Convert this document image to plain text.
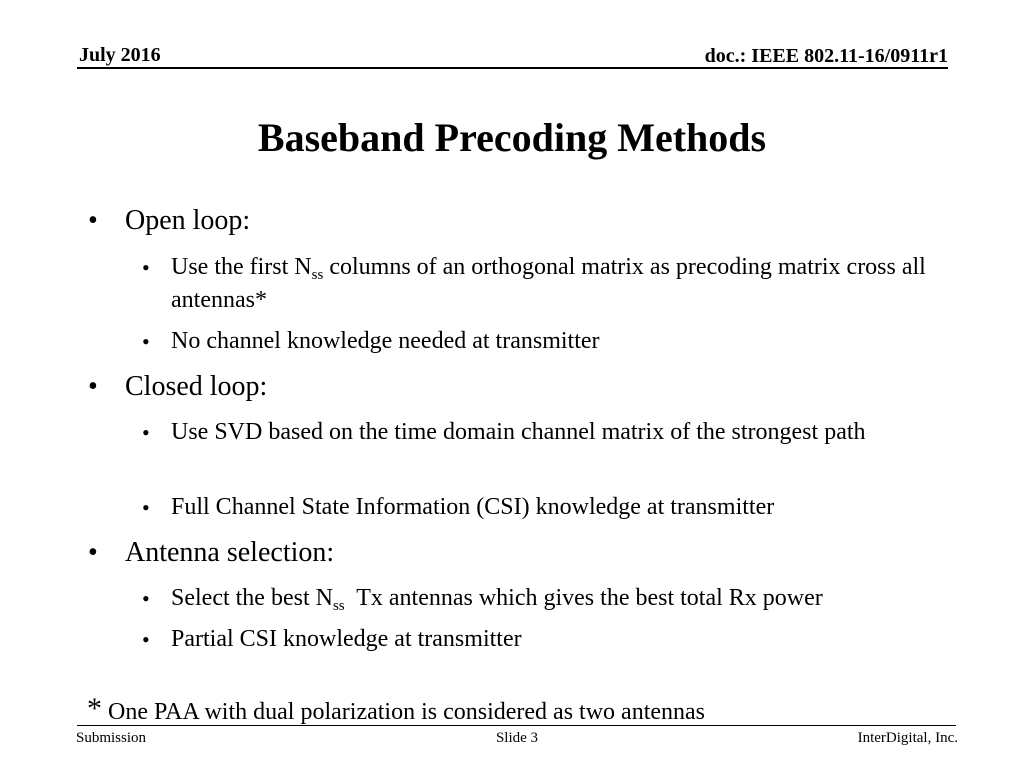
July 2016	doc.: IEEE 802.11-16/0911r1
Baseband Precoding Methods
• Open loop:
• Use the first $N_{ss}$ columns of an orthogonal matrix as precoding matrix cross all antennas*
• No channel knowledge needed at transmitter
• Closed loop:
• Use SVD based on the time domain channel matrix of the strongest path
• Full Channel State Information (CSI) knowledge at transmitter
• Antenna selection:
• Select the best $N_{ss}$  Tx antennas which gives the best total Rx power
• Partial CSI knowledge at transmitter
* One PAA with dual polarization is considered as two antennas
Submission	Slide 3	InterDigital, Inc.
